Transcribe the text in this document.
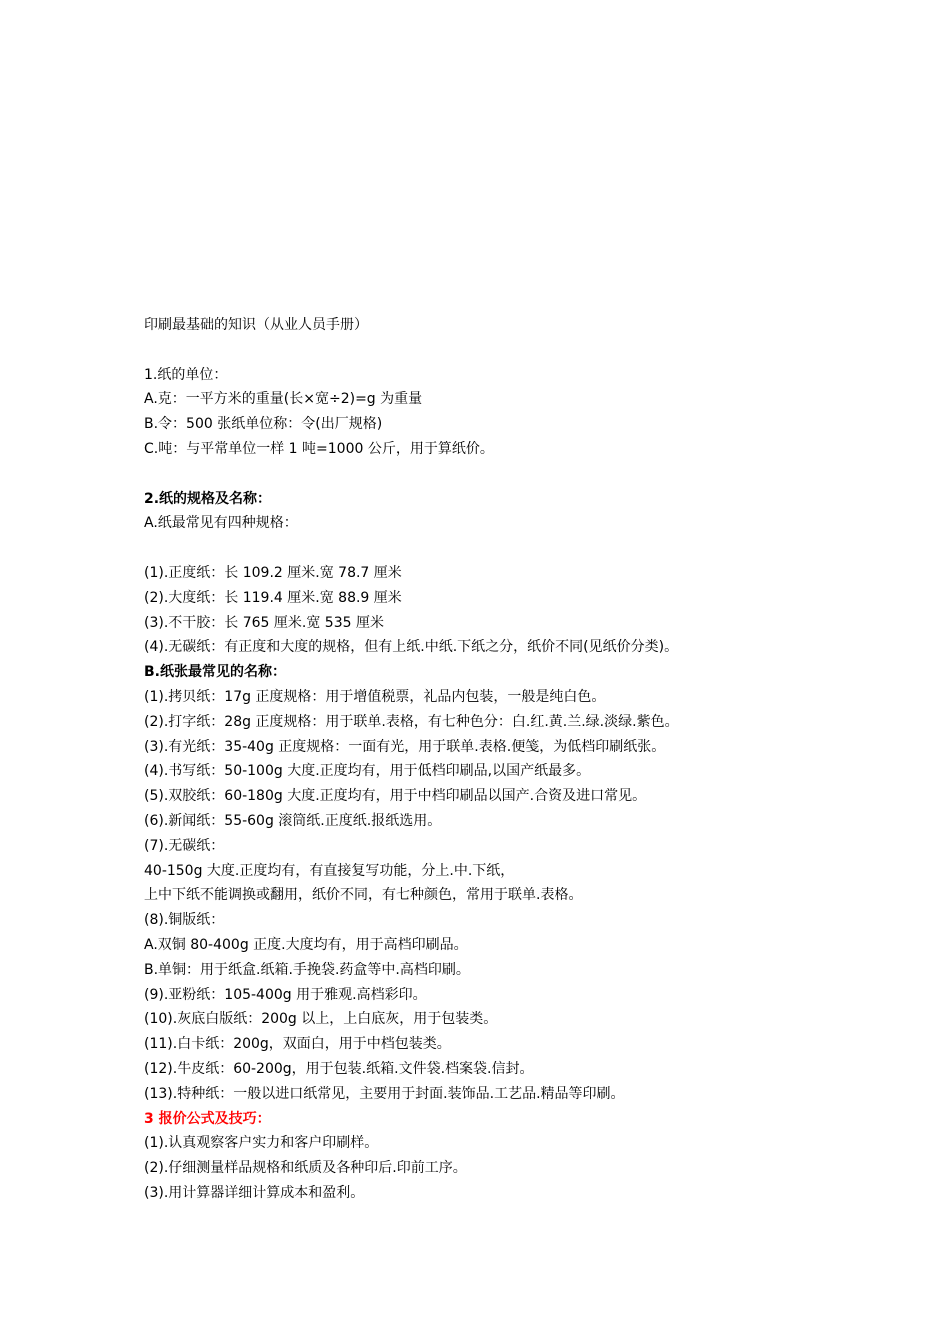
印刷最基础的知识（从业人员手册）
1.纸的单位：
A.克：一平方米的重量(长×宽÷2)=g 为重量
B.令：500 张纸单位称：令(出厂规格)
C.吨：与平常单位一样 1 吨=1000 公斤，用于算纸价。
2.纸的规格及名称：
A.纸最常见有四种规格：
(1).正度纸：长 109.2 厘米.宽 78.7 厘米
(2).大度纸：长 119.4 厘米.宽 88.9 厘米
(3).不干胶：长 765 厘米.宽 535 厘米
(4).无碳纸：有正度和大度的规格，但有上纸.中纸.下纸之分，纸价不同(见纸价分类)。
B.纸张最常见的名称：
(1).拷贝纸：17g 正度规格：用于增值税票，礼品内包装，一般是纯白色。
(2).打字纸：28g 正度规格：用于联单.表格，有七种色分：白.红.黄.兰.绿.淡绿.紫色。
(3).有光纸：35-40g 正度规格：一面有光，用于联单.表格.便笺，为低档印刷纸张。
(4).书写纸：50-100g 大度.正度均有，用于低档印刷品,以国产纸最多。
(5).双胶纸：60-180g 大度.正度均有，用于中档印刷品以国产.合资及进口常见。
(6).新闻纸：55-60g 滚筒纸.正度纸.报纸选用。
(7).无碳纸：
40-150g 大度.正度均有，有直接复写功能，分上.中.下纸，
上中下纸不能调换或翻用，纸价不同，有七种颜色，常用于联单.表格。
(8).铜版纸：
A.双铜 80-400g 正度.大度均有，用于高档印刷品。
B.单铜：用于纸盒.纸箱.手挽袋.药盒等中.高档印刷。
(9).亚粉纸：105-400g 用于雅观.高档彩印。
(10).灰底白版纸：200g 以上，上白底灰，用于包装类。
(11).白卡纸：200g，双面白，用于中档包装类。
(12).牛皮纸：60-200g，用于包装.纸箱.文件袋.档案袋.信封。
(13).特种纸：一般以进口纸常见，主要用于封面.装饰品.工艺品.精品等印刷。
3 报价公式及技巧：
(1).认真观察客户实力和客户印刷样。
(2).仔细测量样品规格和纸质及各种印后.印前工序。
(3).用计算器详细计算成本和盈利。
